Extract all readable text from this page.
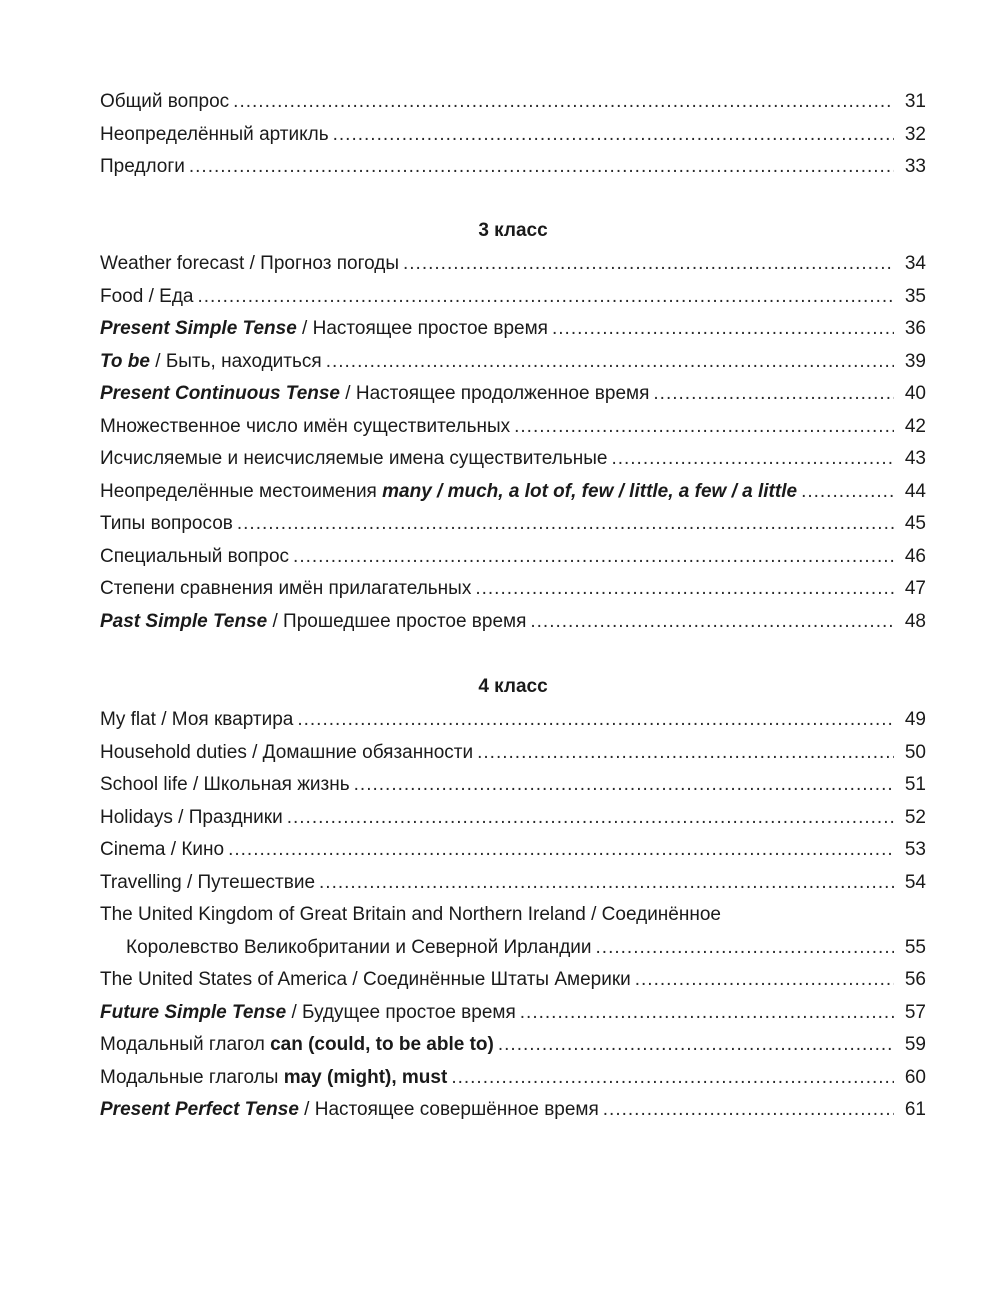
Общий вопрос .....	31
Неопределённый артикль .....	32
Предлоги .....	33
3 класс
Weather forecast / Прогноз погоды .....	34
Food / Еда .....	35
Present Simple Tense / Настоящее простое время .....	36
To be / Быть, находиться .....	39
Present Continuous Tense / Настоящее продолженное время .....	40
Множественное число имён существительных .....	42
Исчисляемые и неисчисляемые имена существительные .....	43
Неопределённые местоимения many / much, a lot of, few / little, a few / a little .....	44
Типы вопросов .....	45
Специальный вопрос .....	46
Степени сравнения имён прилагательных .....	47
Past Simple Tense / Прошедшее простое время .....	48
4 класс
My flat / Моя квартира .....	49
Household duties / Домашние обязанности .....	50
School life / Школьная жизнь .....	51
Holidays / Праздники .....	52
Cinema / Кино .....	53
Travelling / Путешествие .....	54
The United Kingdom of Great Britain and Northern Ireland / Соединённое
Королевство Великобритании и Северной Ирландии .....	55
The United States of America / Соединённые Штаты Америки .....	56
Future Simple Tense / Будущее простое время .....	57
Модальный глагол can (could, to be able to) .....	59
Модальные глаголы may (might), must .....	60
Present Perfect Tense / Настоящее совершённое время .....	61
